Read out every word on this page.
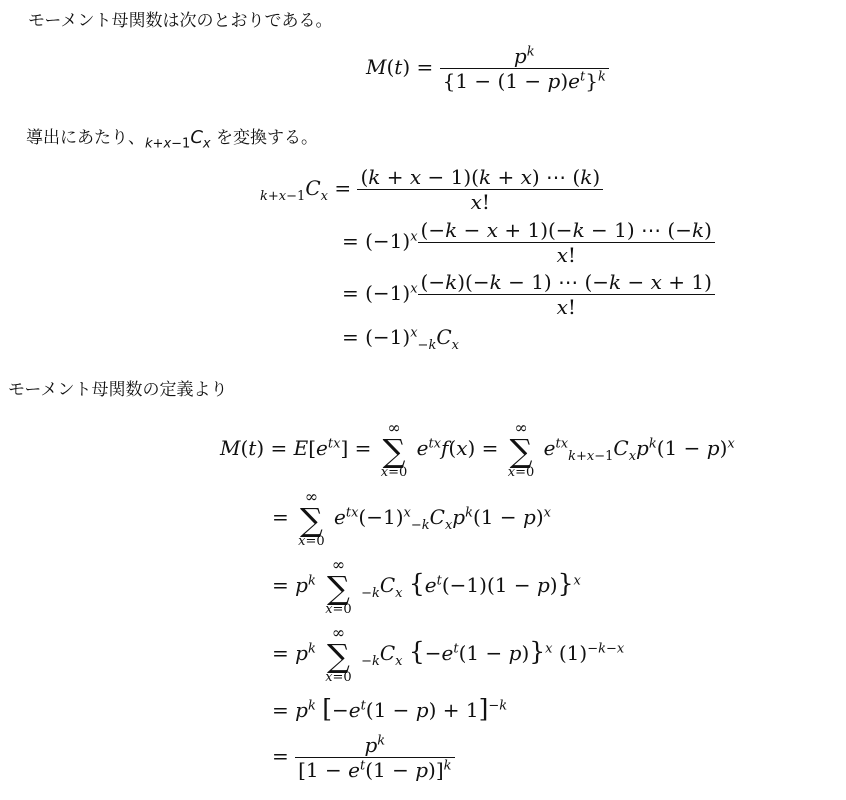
モーメント母関数は次のとおりである。
$M(t) = \frac{p^k}{\{1 - (1 - p)e^t\}^k}$
導出にあたり、$_{k+x-1}C_x$ を変換する。
$_{k+x-1}C_x = \frac{(k + x - 1)(k + x) \cdots (k)}{x!}$
= $(-1)^x \frac{(-k - x + 1)(-k - 1) \cdots (-k)}{x!}$
= $(-1)^x \frac{(-k)(-k - 1) \cdots (-k - x + 1)}{x!}$
= $(-1)^x_{-k}C_x$
モーメント母関数の定義より
$M(t) = E[e^{tx}]$ =
∞
∑
x=0
$e^{tx}f(x)$ =
∞
∑
x=0
$e^{tx}_{k+x-1}C_xp^k(1 - p)^x$
=
∞
∑
x=0
$e^{tx}(-1)^x_{-k}C_xp^k(1 - p)^x$
= $p^k$
∞
∑
x=0
$_{-k}C_x$ $\{e^t(-1)(1 - p)\}^x$
= $p^k$
∞
∑
x=0
$_{-k}C_x$ $\{-e^t(1 - p)\}^x$ $(1)^{-k-x}$
= $p^k$ $[-e^t(1 - p) + 1]^{-k}$
= $\frac{p^k}{[1 - e^t(1 - p)]^k}$
